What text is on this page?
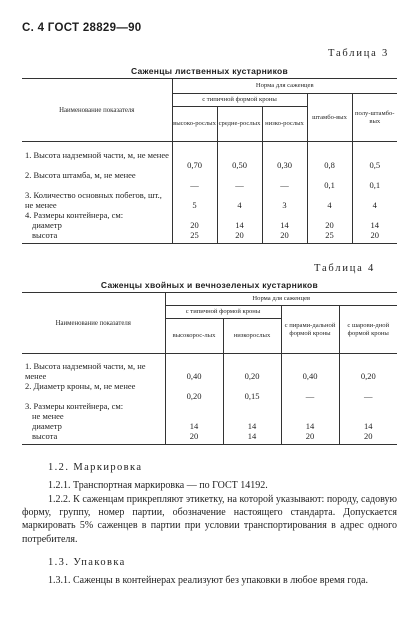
С. 4 ГОСТ 28829—90
Таблица 3
Саженцы лиственных кустарников
Наименование показателя	Норма для саженцев				
	с типичной формой кроны			штамбо-вых	полу-штамбо-вых
	высоко-рослых	средне-рослых	низко-рослых		
1. Высота надземной части, м, не менее	0,70	0,50	0,30	0,8	0,5
2. Высота штамба, м, не менее	—	—	—	0,1	0,1
3. Количество основных побегов, шт., не менее	5	4	3	4	4
4. Размеры контейнера, см:					
диаметр	20	14	14	20	14
высота	25	20	20	25	20
Таблица 4
Саженцы хвойных и вечнозеленых кустарников
Наименование показателя	Норма для саженцев			
	с типичной формой кроны		с пирами-дальной формой кроны	с шарови-дной формой кроны
	высокорос-лых	низкорослых		
1. Высота надземной части, м, не менее	0,40	0,20	0,40	0,20
2. Диаметр кроны, м, не менее	0,20	0,15	—	—
3. Размеры контейнера, см:				
не менее				
диаметр	14	14	14	14
высота	20	14	20	20
1.2. Маркировка
1.2.1. Транспортная маркировка — по ГОСТ 14192.
1.2.2. К саженцам прикрепляют этикетку, на которой указывают: породу, садовую форму, группу, номер партии, обозначение настоящего стандарта. Допускается маркировать 5% саженцев в партии при условии транспортирования в адрес одного потребителя.
1.3. Упаковка
1.3.1. Саженцы в контейнерах реализуют без упаковки в любое время года.
